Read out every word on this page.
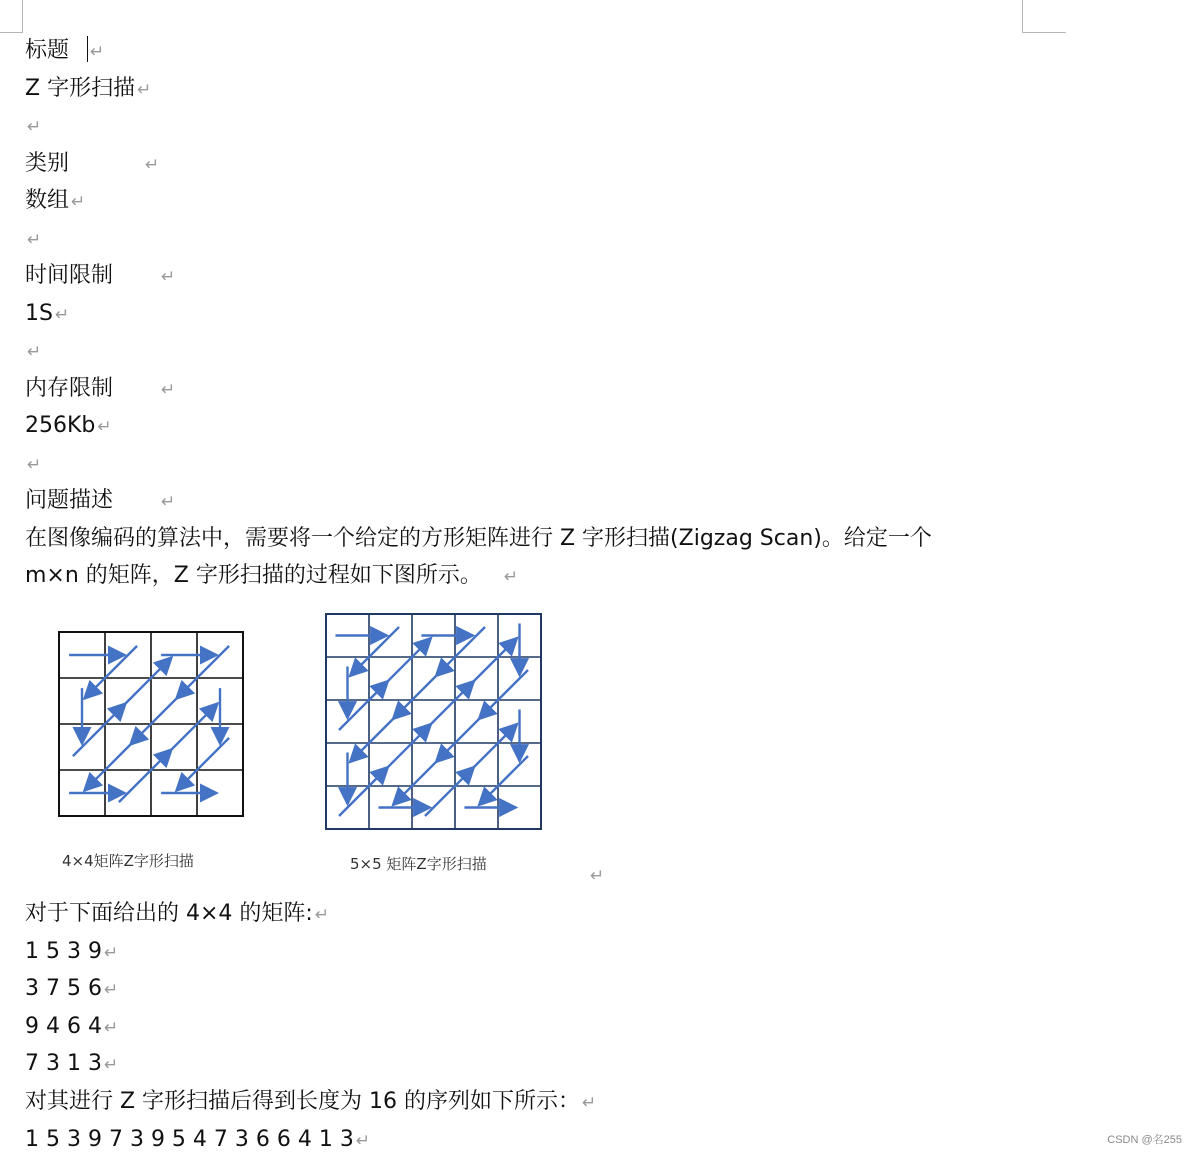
标题 ↵
Z 字形扫描 ↵
↵
类别	↵
数组 ↵
↵
时间限制	↵
1S ↵
↵
内存限制	↵
256Kb ↵
↵
问题描述	↵
在图像编码的算法中，需要将一个给定的方形矩阵进行 Z 字形扫描(Zigzag Scan)。给定一个
m×n 的矩阵，Z 字形扫描的过程如下图所示。 ↵
对于下面给出的 4×4 的矩阵: ↵
1 5 3 9 ↵
3 7 5 6 ↵
9 4 6 4 ↵
7 3 1 3 ↵
对其进行 Z 字形扫描后得到长度为 16 的序列如下所示： ↵
1 5 3 9 7 3 9 5 4 7 3 6 6 4 1 3 ↵
4×4矩阵Z字形扫描	5×5 矩阵Z字形扫描
↵
CSDN @名255
